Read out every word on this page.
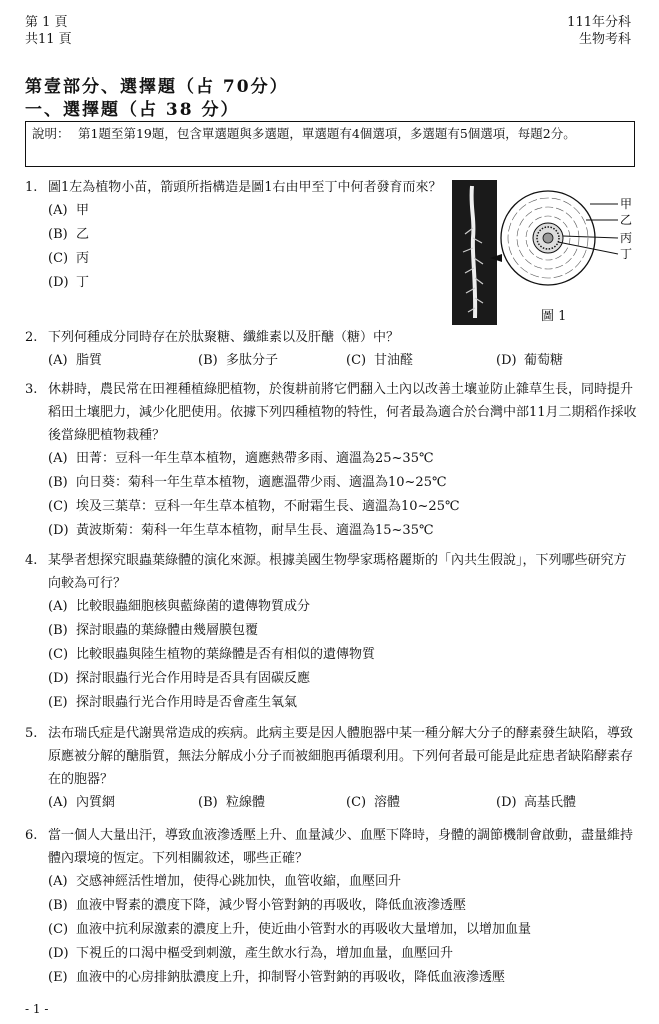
第 1 頁
共11 頁
111年分科
生物考科
第壹部分、選擇題（占 70分）
一、選擇題（占 38 分）
說明： 第1題至第19題，包含單選題與多選題，單選題有4個選項，多選題有5個選項，每題2分。
1. 圖1左為植物小苗，箭頭所指構造是圖1右由甲至丁中何者發育而來？
(A) 甲
(B) 乙
(C) 丙
(D) 丁
甲
乙
丙
丁
圖 1
2. 下列何種成分同時存在於肽聚糖、纖維素以及肝醣（糖）中？
(A) 脂質	(B) 多肽分子	(C) 甘油醛	(D) 葡萄糖
3. 休耕時，農民常在田裡種植綠肥植物，於復耕前將它們翻入土內以改善土壤並防止雜草生長，同時提升稻田土壤肥力，減少化肥使用。依據下列四種植物的特性，何者最為適合於台灣中部11月二期稻作採收後當綠肥植物栽種？
(A) 田菁：豆科一年生草本植物，適應熱帶多雨、適溫為25~35℃
(B) 向日葵：菊科一年生草本植物，適應溫帶少雨、適溫為10~25℃
(C) 埃及三葉草：豆科一年生草本植物，不耐霜生長、適溫為10~25℃
(D) 黃波斯菊：菊科一年生草本植物，耐旱生長、適溫為15~35℃
4. 某學者想探究眼蟲葉綠體的演化來源。根據美國生物學家瑪格麗斯的「內共生假說」，下列哪些研究方向較為可行？
(A) 比較眼蟲細胞核與藍綠菌的遺傳物質成分
(B) 探討眼蟲的葉綠體由幾層膜包覆
(C) 比較眼蟲與陸生植物的葉綠體是否有相似的遺傳物質
(D) 探討眼蟲行光合作用時是否具有固碳反應
(E) 探討眼蟲行光合作用時是否會產生氧氣
5. 法布瑞氏症是代謝異常造成的疾病。此病主要是因人體胞器中某一種分解大分子的酵素發生缺陷，導致原應被分解的醣脂質，無法分解成小分子而被細胞再循環利用。下列何者最可能是此症患者缺陷酵素存在的胞器？
(A) 內質網	(B) 粒線體	(C) 溶體	(D) 高基氏體
6. 當一個人大量出汗，導致血液滲透壓上升、血量減少、血壓下降時，身體的調節機制會啟動，盡量維持體內環境的恆定。下列相關敘述，哪些正確？
(A) 交感神經活性增加，使得心跳加快，血管收縮，血壓回升
(B) 血液中腎素的濃度下降，減少腎小管對鈉的再吸收，降低血液滲透壓
(C) 血液中抗利尿激素的濃度上升，使近曲小管對水的再吸收大量增加，以增加血量
(D) 下視丘的口渴中樞受到刺激，產生飲水行為，增加血量，血壓回升
(E) 血液中的心房排鈉肽濃度上升，抑制腎小管對鈉的再吸收，降低血液滲透壓
- 1 -
